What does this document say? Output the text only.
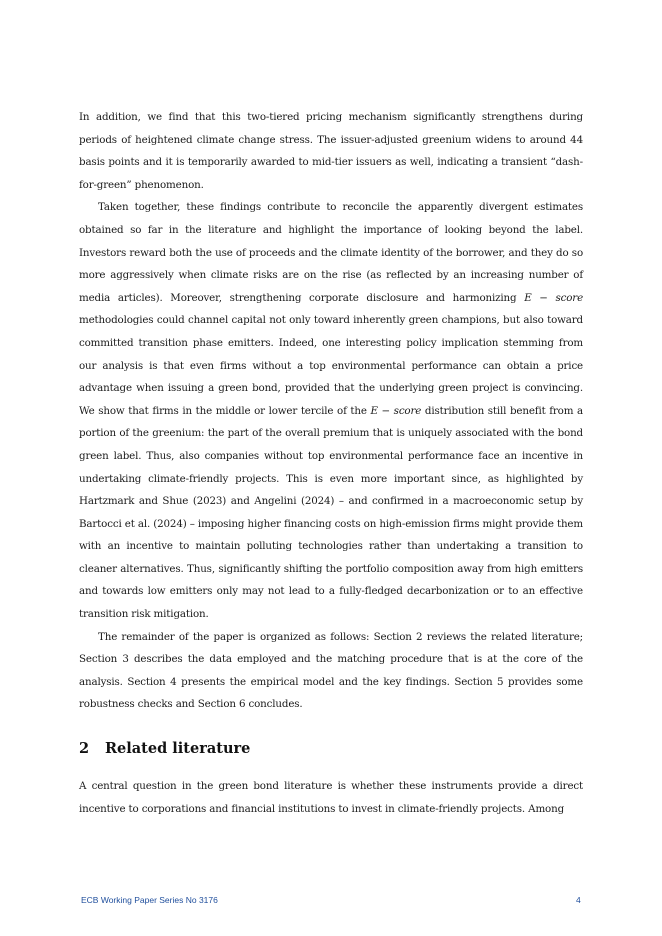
In addition, we find that this two-tiered pricing mechanism significantly strengthens during periods of heightened climate change stress. The issuer-adjusted greenium widens to around 44 basis points and it is temporarily awarded to mid-tier issuers as well, indicating a transient “dash-for-green” phenomenon.

Taken together, these findings contribute to reconcile the apparently divergent estimates obtained so far in the literature and highlight the importance of looking beyond the label. Investors reward both the use of proceeds and the climate identity of the borrower, and they do so more aggressively when climate risks are on the rise (as reflected by an increasing number of media articles). Moreover, strengthening corporate disclosure and harmonizing E − score methodologies could channel capital not only toward inherently green champions, but also toward committed transition phase emitters. Indeed, one interesting policy implication stemming from our analysis is that even firms without a top environmental performance can obtain a price advantage when issuing a green bond, provided that the underlying green project is convincing. We show that firms in the middle or lower tercile of the E − score distribution still benefit from a portion of the greenium: the part of the overall premium that is uniquely associated with the bond green label. Thus, also companies without top environmental performance face an incentive in undertaking climate-friendly projects. This is even more important since, as highlighted by Hartzmark and Shue (2023) and Angelini (2024) – and confirmed in a macroeconomic setup by Bartocci et al. (2024) – imposing higher financing costs on high-emission firms might provide them with an incentive to maintain polluting technologies rather than undertaking a transition to cleaner alternatives. Thus, significantly shifting the portfolio composition away from high emitters and towards low emitters only may not lead to a fully-fledged decarbonization or to an effective transition risk mitigation.

The remainder of the paper is organized as follows: Section 2 reviews the related literature; Section 3 describes the data employed and the matching procedure that is at the core of the analysis. Section 4 presents the empirical model and the key findings. Section 5 provides some robustness checks and Section 6 concludes.

2 Related literature

A central question in the green bond literature is whether these instruments provide a direct incentive to corporations and financial institutions to invest in climate-friendly projects. Among

ECB Working Paper Series No 3176	4
